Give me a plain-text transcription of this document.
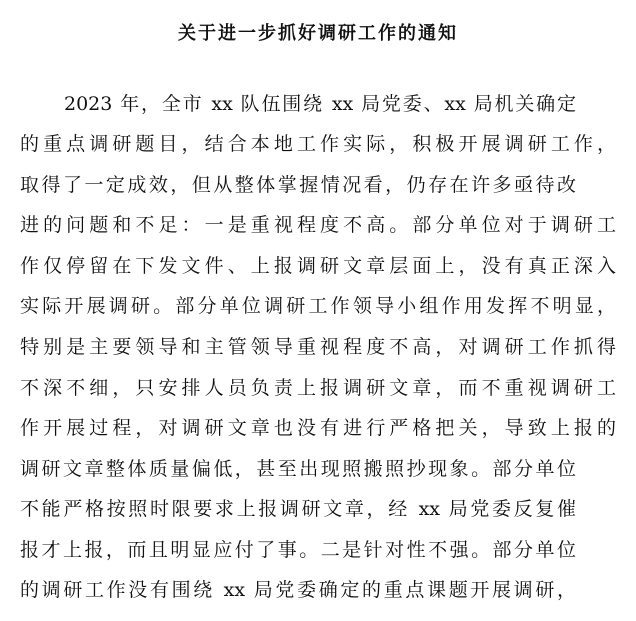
关于进一步抓好调研工作的通知

2023 年，全市 xx 队伍围绕 xx 局党委、xx 局机关确定

的重点调研题目，结合本地工作实际，积极开展调研工作，

取得了一定成效，但从整体掌握情况看，仍存在许多亟待改

进的问题和不足：一是重视程度不高。部分单位对于调研工

作仅停留在下发文件、上报调研文章层面上，没有真正深入

实际开展调研。部分单位调研工作领导小组作用发挥不明显，

特别是主要领导和主管领导重视程度不高，对调研工作抓得

不深不细，只安排人员负责上报调研文章，而不重视调研工

作开展过程，对调研文章也没有进行严格把关，导致上报的

调研文章整体质量偏低，甚至出现照搬照抄现象。部分单位

不能严格按照时限要求上报调研文章，经 xx 局党委反复催

报才上报，而且明显应付了事。二是针对性不强。部分单位

的调研工作没有围绕 xx 局党委确定的重点课题开展调研，
